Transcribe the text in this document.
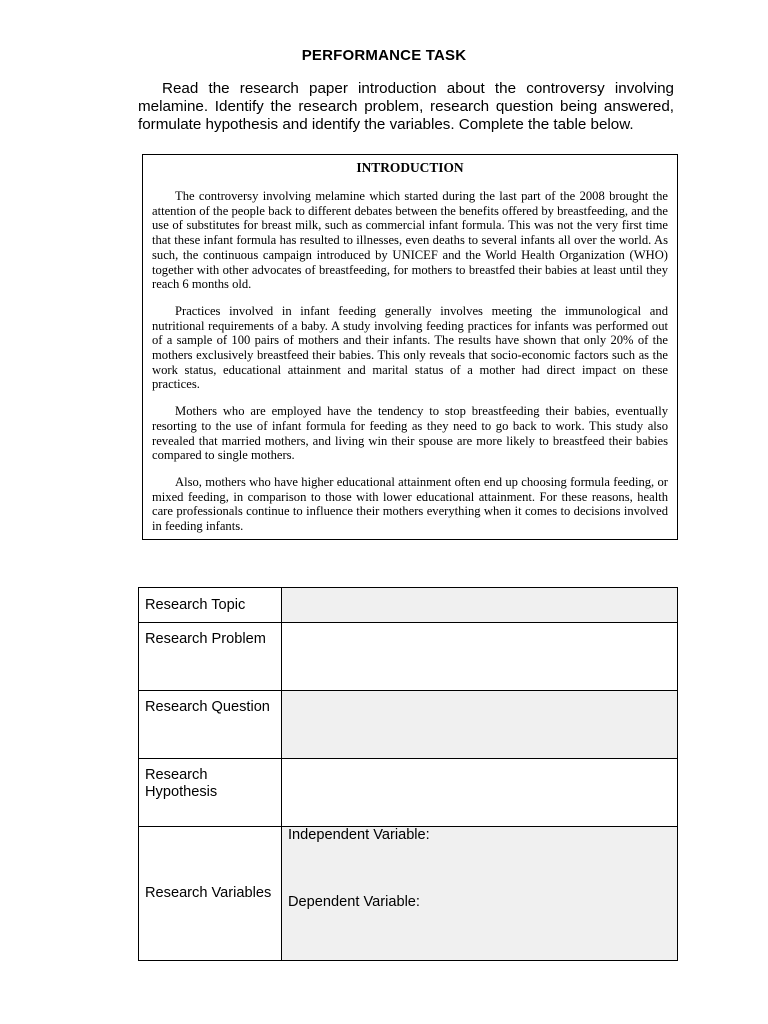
PERFORMANCE TASK

Read the research paper introduction about the controversy involving melamine. Identify the research problem, research question being answered, formulate hypothesis and identify the variables. Complete the table below.

INTRODUCTION

The controversy involving melamine which started during the last part of the 2008 brought the attention of the people back to different debates between the benefits offered by breastfeeding, and the use of substitutes for breast milk, such as commercial infant formula. This was not the very first time that these infant formula has resulted to illnesses, even deaths to several infants all over the world. As such, the continuous campaign introduced by UNICEF and the World Health Organization (WHO) together with other advocates of breastfeeding, for mothers to breastfed their babies at least until they reach 6 months old.

Practices involved in infant feeding generally involves meeting the immunological and nutritional requirements of a baby. A study involving feeding practices for infants was performed out of a sample of 100 pairs of mothers and their infants. The results have shown that only 20% of the mothers exclusively breastfeed their babies. This only reveals that socio-economic factors such as the work status, educational attainment and marital status of a mother had direct impact on these practices.

Mothers who are employed have the tendency to stop breastfeeding their babies, eventually resorting to the use of infant formula for feeding as they need to go back to work. This study also revealed that married mothers, and living win their spouse are more likely to breastfeed their babies compared to single mothers.

Also, mothers who have higher educational attainment often end up choosing formula feeding, or mixed feeding, in comparison to those with lower educational attainment. For these reasons, health care professionals continue to influence their mothers everything when it comes to decisions involved in feeding infants.

Research Topic	
Research Problem	
Research Question	
Research Hypothesis	
Research Variables	Independent Variable:
Dependent Variable:
